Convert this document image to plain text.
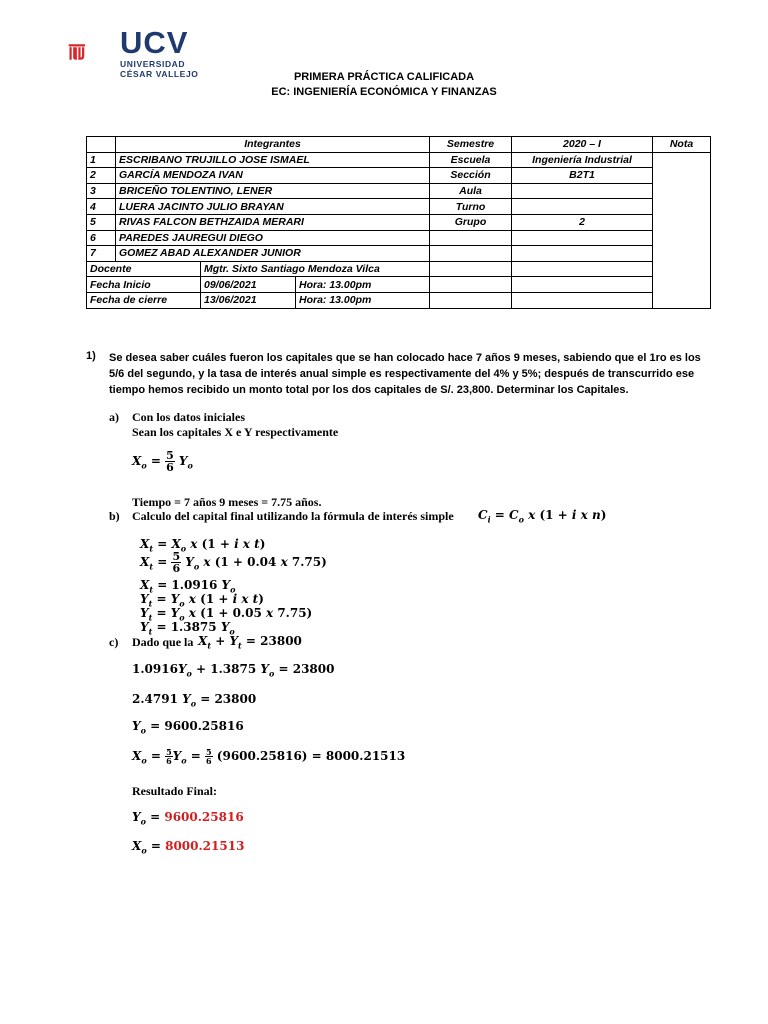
UCV
UNIVERSIDAD
CÉSAR VALLEJO	PRIMERA PRÁCTICA CALIFICADA
EC: INGENIERÍA ECONÓMICA Y FINANZAS
	Integrantes			Semestre	2020 – I	Nota
1	ESCRIBANO TRUJILLO JOSE ISMAEL			Escuela	Ingeniería Industrial	
2	GARCÍA MENDOZA IVAN			Sección	B2T1	
3	BRICEÑO TOLENTINO, LENER			Aula		
4	LUERA JACINTO JULIO BRAYAN			Turno		
5	RIVAS FALCON BETHZAIDA MERARI			Grupo	2	
6	PAREDES JAUREGUI DIEGO					
7	GOMEZ ABAD ALEXANDER JUNIOR					
Docente		Mgtr. Sixto Santiago Mendoza Vilca				
Fecha Inicio		09/06/2021	Hora: 13.00pm			
Fecha de cierre		13/06/2021	Hora: 13.00pm			
1) Se desea saber cuáles fueron los capitales que se han colocado hace 7 años 9 meses, sabiendo que el 1ro es los 5/6 del segundo, y la tasa de interés anual simple es respectivamente del 4% y 5%; después de transcurrido ese tiempo hemos recibido un monto total por los dos capitales de S/. 23,800. Determinar los Capitales.
a) Con los datos iniciales
Sean los capitales X e Y respectivamente
$X_o = \frac{5}{6} Y_o$
Tiempo = 7 años 9 meses = 7.75 años.
b) Calculo del capital final utilizando la fórmula de interés simple $C_i = C_o$ x (1 + i x n)
$X_t = X_o$ x (1 + i x t)
$X_t = \frac{5}{6} Y_o$ x (1 + 0.04 x 7.75)
$X_t = 1.0916$ $Y_o$
$Y_t = Y_o$ x (1 + i x t)
$Y_t = Y_o$ x (1 + 0.05 x 7.75)
$Y_t = 1.3875$ $Y_o$
c) Dado que la $X_t + Y_t = 23800$
$1.0916Y_o + 1.3875$ $Y_o = 23800$
2.4791 $Y_o = 23800$
$Y_o = 9600.25816$
$X_o = \frac{5}{6} Y_o = \frac{5}{6} (9600.25816) = 8000.21513$
Resultado Final:
$Y_o = 9600.25816$
$X_o = 8000.21513$
